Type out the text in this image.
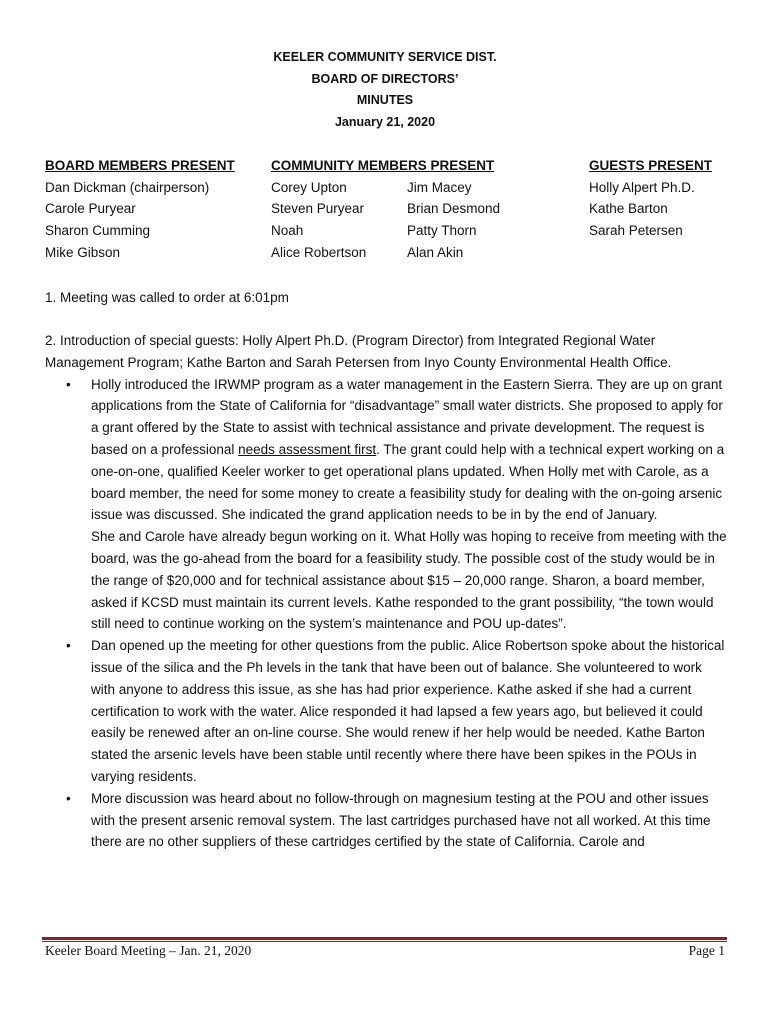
KEELER COMMUNITY SERVICE DIST.
BOARD OF DIRECTORS’
MINUTES
January 21, 2020
BOARD MEMBERS PRESENT
Dan Dickman (chairperson)
Carole Puryear
Sharon Cumming
Mike Gibson
COMMUNITY MEMBERS PRESENT
Corey Upton
Steven Puryear
Noah
Alice Robertson
Jim Macey
Brian Desmond
Patty Thorn
Alan Akin
GUESTS PRESENT
Holly Alpert Ph.D.
Kathe Barton
Sarah Petersen
1. Meeting was called to order at 6:01pm
2. Introduction of special guests: Holly Alpert Ph.D. (Program Director) from Integrated Regional Water Management Program; Kathe Barton and Sarah Petersen from Inyo County Environmental Health Office.
• Holly introduced the IRWMP program as a water management in the Eastern Sierra. They are up on grant applications from the State of California for “disadvantage” small water districts. She proposed to apply for a grant offered by the State to assist with technical assistance and private development. The request is based on a professional needs assessment first. The grant could help with a technical expert working on a one-on-one, qualified Keeler worker to get operational plans updated. When Holly met with Carole, as a board member, the need for some money to create a feasibility study for dealing with the on-going arsenic issue was discussed. She indicated the grand application needs to be in by the end of January.
She and Carole have already begun working on it. What Holly was hoping to receive from meeting with the board, was the go-ahead from the board for a feasibility study. The possible cost of the study would be in the range of $20,000 and for technical assistance about $15 – 20,000 range. Sharon, a board member, asked if KCSD must maintain its current levels. Kathe responded to the grant possibility, “the town would still need to continue working on the system’s maintenance and POU up-dates”.
• Dan opened up the meeting for other questions from the public. Alice Robertson spoke about the historical issue of the silica and the Ph levels in the tank that have been out of balance. She volunteered to work with anyone to address this issue, as she has had prior experience. Kathe asked if she had a current certification to work with the water. Alice responded it had lapsed a few years ago, but believed it could easily be renewed after an on-line course. She would renew if her help would be needed. Kathe Barton stated the arsenic levels have been stable until recently where there have been spikes in the POUs in varying residents.
• More discussion was heard about no follow-through on magnesium testing at the POU and other issues with the present arsenic removal system. The last cartridges purchased have not all worked. At this time there are no other suppliers of these cartridges certified by the state of California. Carole and
Keeler Board Meeting – Jan. 21, 2020	Page 1
